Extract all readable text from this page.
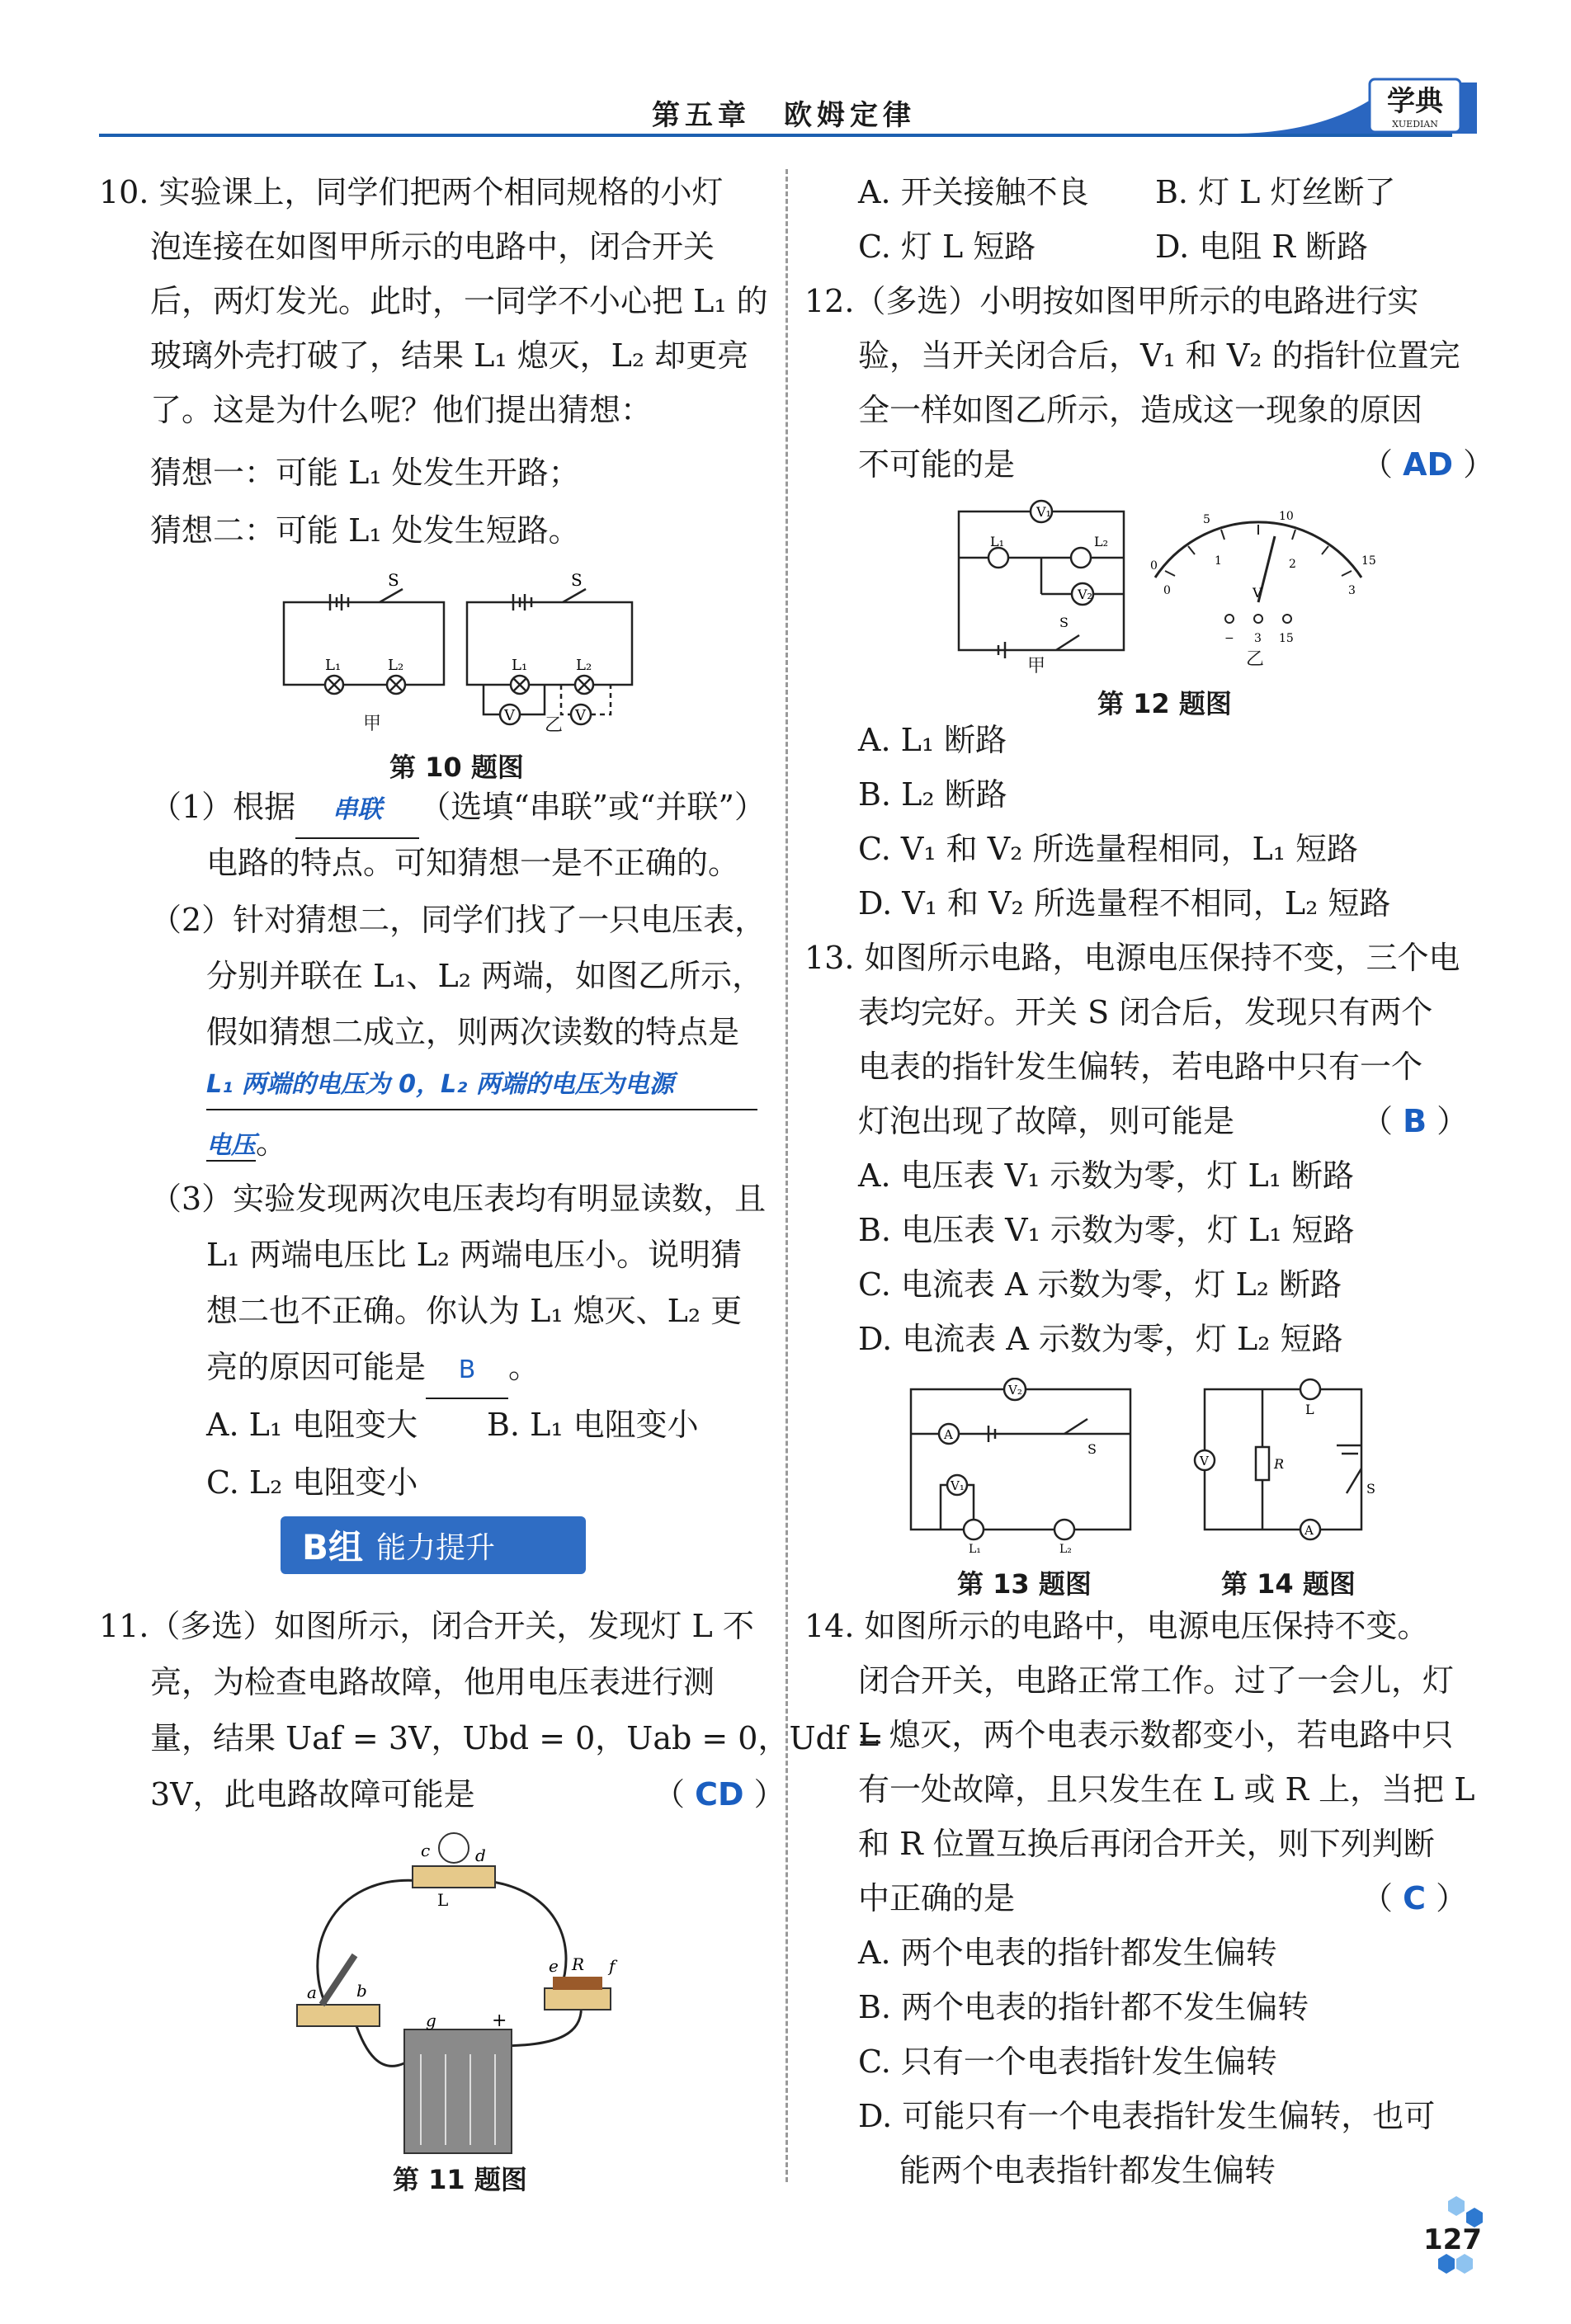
第五章　欧姆定律	学典
XUEDIAN
10. 实验课上，同学们把两个相同规格的小灯
泡连接在如图甲所示的电路中，闭合开关
后，两灯发光。此时，一同学不小心把 L₁ 的
玻璃外壳打破了，结果 L₁ 熄灭，L₂ 却更亮
了。这是为什么呢？他们提出猜想：
猜想一：可能 L₁ 处发生开路；
猜想二：可能 L₁ 处发生短路。
S	S
L₁	L₂	L₁	L₂
V	V
甲	乙
第 10 题图
（1）根据 串联 （选填“串联”或“并联”）
电路的特点。可知猜想一是不正确的。
（2）针对猜想二，同学们找了一只电压表，
分别并联在 L₁、L₂ 两端，如图乙所示，
假如猜想二成立，则两次读数的特点是
L₁ 两端的电压为 0，L₂ 两端的电压为电源
电压。
（3）实验发现两次电压表均有明显读数，且
L₁ 两端电压比 L₂ 两端电压小。说明猜
想二也不正确。你认为 L₁ 熄灭、L₂ 更
亮的原因可能是 B 。
A. L₁ 电阻变大 B. L₁ 电阻变小
C. L₂ 电阻变小
B组 能力提升
11.（多选）如图所示，闭合开关，发现灯 L 不
亮，为检查电路故障，他用电压表进行测
量，结果 Uaf = 3V，Ubd = 0，Uab = 0，Udf =
3V，此电路故障可能是	（ CD ）
c	d
L
a b
e R f
g	+
第 11 题图
A. 开关接触不良 B. 灯 L 灯丝断了
C. 灯 L 短路	D. 电阻 R 断路
12.（多选）小明按如图甲所示的电路进行实
验，当开关闭合后，V₁ 和 V₂ 的指针位置完
全一样如图乙所示，造成这一现象的原因
不可能的是	（ AD ）
V₁
V₂
L₁	L₂
S
5	10
15
0
0
1	2
3
V
− 3 15
甲	乙
第 12 题图
A. L₁ 断路
B. L₂ 断路
C. V₁ 和 V₂ 所选量程相同，L₁ 短路
D. V₁ 和 V₂ 所选量程不相同，L₂ 短路
13. 如图所示电路，电源电压保持不变，三个电
表均完好。开关 S 闭合后，发现只有两个
电表的指针发生偏转，若电路中只有一个
灯泡出现了故障，则可能是	（ B ）
A. 电压表 V₁ 示数为零，灯 L₁ 断路
B. 电压表 V₁ 示数为零，灯 L₁ 短路
C. 电流表 A 示数为零，灯 L₂ 断路
D. 电流表 A 示数为零，灯 L₂ 短路
V₂
A
V₁
S
L₁	L₂
L
V	R
S
A
第 13 题图	第 14 题图
14. 如图所示的电路中，电源电压保持不变。
闭合开关，电路正常工作。过了一会儿，灯
L 熄灭，两个电表示数都变小，若电路中只
有一处故障，且只发生在 L 或 R 上，当把 L
和 R 位置互换后再闭合开关，则下列判断
中正确的是	（ C ）
A. 两个电表的指针都发生偏转
B. 两个电表的指针都不发生偏转
C. 只有一个电表指针发生偏转
D. 可能只有一个电表指针发生偏转，也可
能两个电表指针都发生偏转
127
